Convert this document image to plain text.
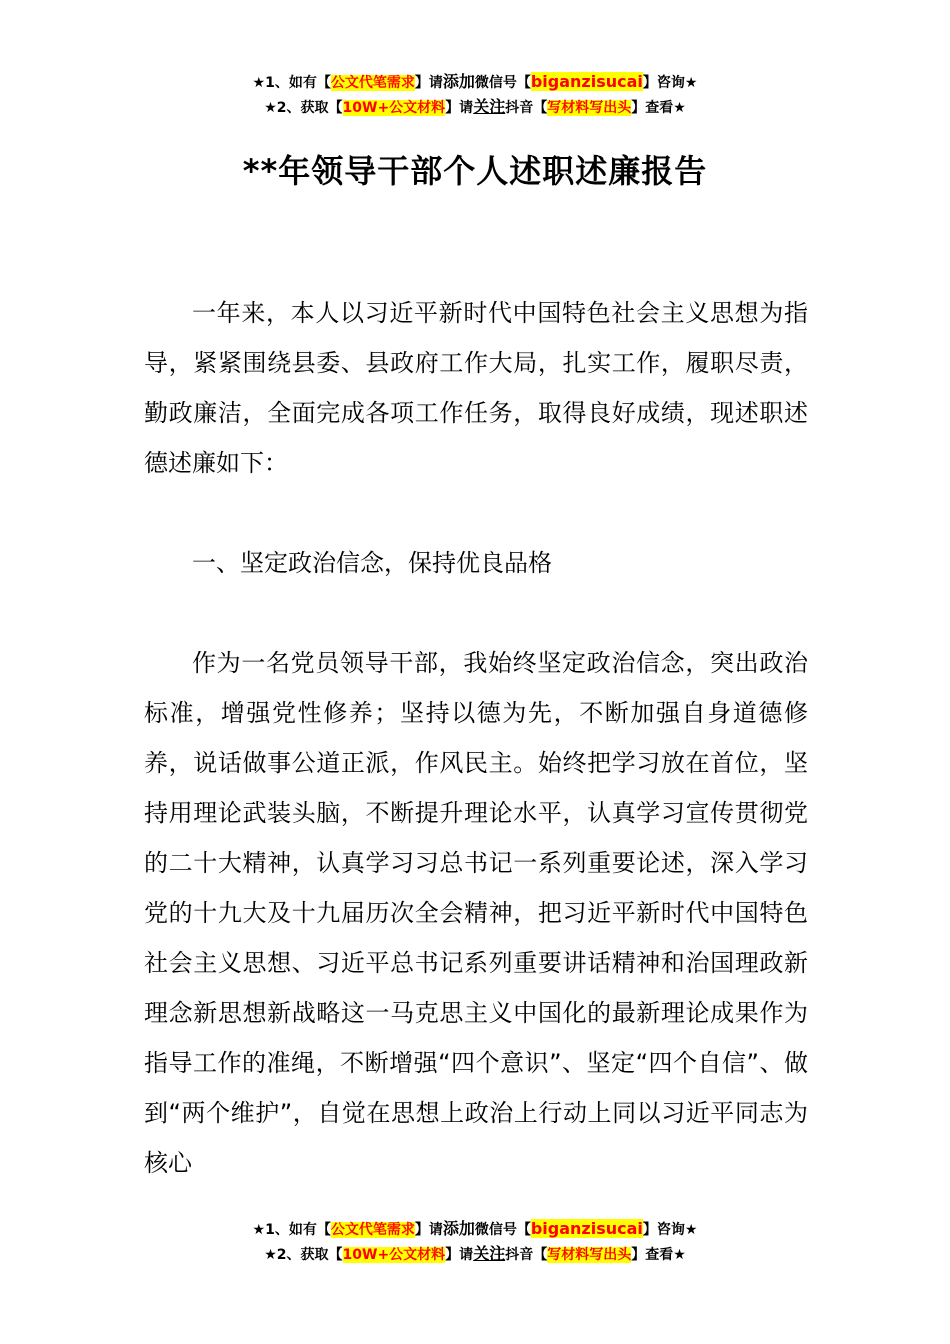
★1、如有【公文代笔需求】请添加微信号【biganzisucai】咨询★
★2、获取【10W+公文材料】请关注抖音【写材料写出头】查看★
**年领导干部个人述职述廉报告

一年来，本人以习近平新时代中国特色社会主义思想为指导，紧紧围绕县委、县政府工作大局，扎实工作，履职尽责，勤政廉洁，全面完成各项工作任务，取得良好成绩，现述职述德述廉如下：

一、坚定政治信念，保持优良品格

作为一名党员领导干部，我始终坚定政治信念，突出政治标准，增强党性修养；坚持以德为先，不断加强自身道德修养，说话做事公道正派，作风民主。始终把学习放在首位，坚持用理论武装头脑，不断提升理论水平，认真学习宣传贯彻党的二十大精神，认真学习习总书记一系列重要论述，深入学习党的十九大及十九届历次全会精神，把习近平新时代中国特色社会主义思想、习近平总书记系列重要讲话精神和治国理政新理念新思想新战略这一马克思主义中国化的最新理论成果作为指导工作的准绳，不断增强“四个意识”、坚定“四个自信”、做到“两个维护”，自觉在思想上政治上行动上同以习近平同志为核心

★1、如有【公文代笔需求】请添加微信号【biganzisucai】咨询★
★2、获取【10W+公文材料】请关注抖音【写材料写出头】查看★
